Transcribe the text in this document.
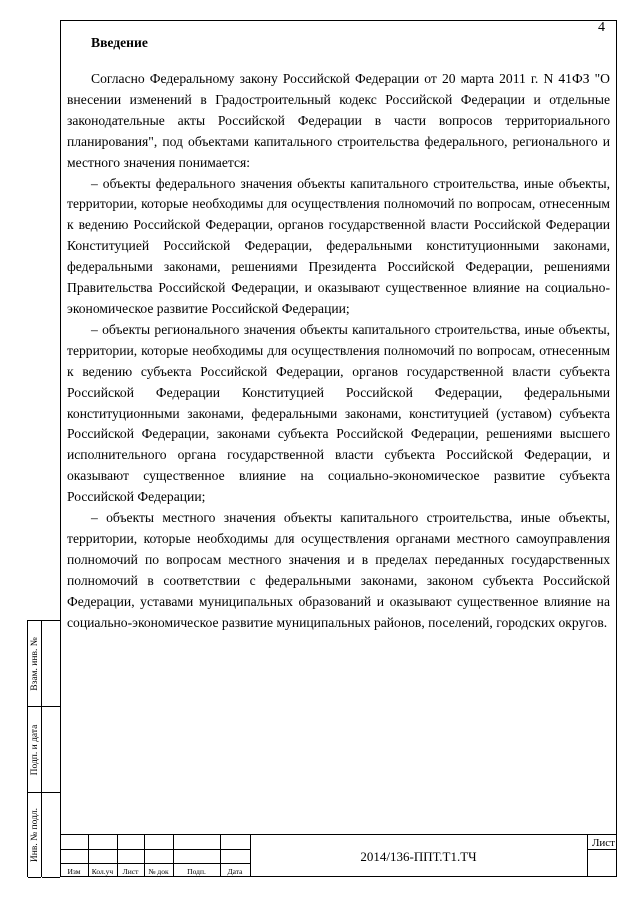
4
Введение

Согласно Федеральному закону Российской Федерации от 20 марта 2011 г. N 41ФЗ "О внесении изменений в Градостроительный кодекс Российской Федерации и отдельные законодательные акты Российской Федерации в части вопросов территориального планирования", под объектами капитального строительства федерального, регионального и местного значения понимается:

– объекты федерального значения объекты капитального строительства, иные объекты, территории, которые необходимы для осуществления полномочий по вопросам, отнесенным к ведению Российской Федерации, органов государственной власти Российской Федерации Конституцией Российской Федерации, федеральными конституционными законами, федеральными законами, решениями Президента Российской Федерации, решениями Правительства Российской Федерации, и оказывают существенное влияние на социально-экономическое развитие Российской Федерации;

– объекты регионального значения объекты капитального строительства, иные объекты, территории, которые необходимы для осуществления полномочий по вопросам, отнесенным к ведению субъекта Российской Федерации, органов государственной власти субъекта Российской Федерации Конституцией Российской Федерации, федеральными конституционными законами, федеральными законами, конституцией (уставом) субъекта Российской Федерации, законами субъекта Российской Федерации, решениями высшего исполнительного органа государственной власти субъекта Российской Федерации, и оказывают существенное влияние на социально-экономическое развитие субъекта Российской Федерации;

– объекты местного значения объекты капитального строительства, иные объекты, территории, которые необходимы для осуществления органами местного самоуправления полномочий по вопросам местного значения и в пределах переданных государственных полномочий в соответствии с федеральными законами, законом субъекта Российской Федерации, уставами муниципальных образований и оказывают существенное влияние на социально-экономическое развитие муниципальных районов, поселений, городских округов.

Взам. инв. №
Подп. и дата
Инв. № подл.
Изм	Кол.уч	Лист	№ док	Подп.	Дата
2014/136-ППТ.Т1.ТЧ
Лист
